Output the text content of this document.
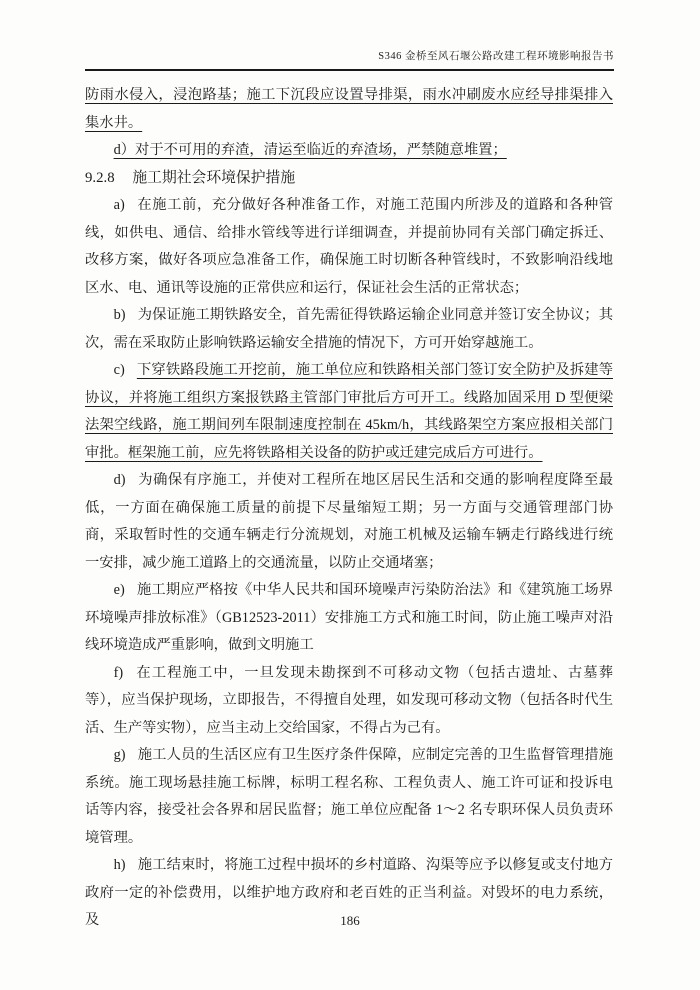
S346 金桥至风石堰公路改建工程环境影响报告书

防雨水侵入，浸泡路基；施工下沉段应设置导排渠，雨水冲刷废水应经导排渠排入集水井。

d）对于不可用的弃渣，清运至临近的弃渣场，严禁随意堆置；

9.2.8 施工期社会环境保护措施

a) 在施工前，充分做好各种准备工作，对施工范围内所涉及的道路和各种管线，如供电、通信、给排水管线等进行详细调查，并提前协同有关部门确定拆迁、改移方案，做好各项应急准备工作，确保施工时切断各种管线时，不致影响沿线地区水、电、通讯等设施的正常供应和运行，保证社会生活的正常状态；

b) 为保证施工期铁路安全，首先需征得铁路运输企业同意并签订安全协议；其次，需在采取防止影响铁路运输安全措施的情况下，方可开始穿越施工。

c) 下穿铁路段施工开挖前，施工单位应和铁路相关部门签订安全防护及拆建等协议，并将施工组织方案报铁路主管部门审批后方可开工。线路加固采用 D 型便梁法架空线路，施工期间列车限制速度控制在 45km/h，其线路架空方案应报相关部门审批。框架施工前，应先将铁路相关设备的防护或迁建完成后方可进行。

d) 为确保有序施工，并使对工程所在地区居民生活和交通的影响程度降至最低，一方面在确保施工质量的前提下尽量缩短工期；另一方面与交通管理部门协商，采取暂时性的交通车辆走行分流规划，对施工机械及运输车辆走行路线进行统一安排，减少施工道路上的交通流量，以防止交通堵塞；

e) 施工期应严格按《中华人民共和国环境噪声污染防治法》和《建筑施工场界环境噪声排放标准》（GB12523-2011）安排施工方式和施工时间，防止施工噪声对沿线环境造成严重影响，做到文明施工

f) 在工程施工中，一旦发现未勘探到不可移动文物（包括古遗址、古墓葬等），应当保护现场，立即报告，不得擅自处理，如发现可移动文物（包括各时代生活、生产等实物），应当主动上交给国家，不得占为己有。

g) 施工人员的生活区应有卫生医疗条件保障，应制定完善的卫生监督管理措施系统。施工现场悬挂施工标牌，标明工程名称、工程负责人、施工许可证和投诉电话等内容，接受社会各界和居民监督；施工单位应配备 1～2 名专职环保人员负责环境管理。

h) 施工结束时，将施工过程中损坏的乡村道路、沟渠等应予以修复或支付地方政府一定的补偿费用，以维护地方政府和老百姓的正当利益。对毁坏的电力系统，及	186
